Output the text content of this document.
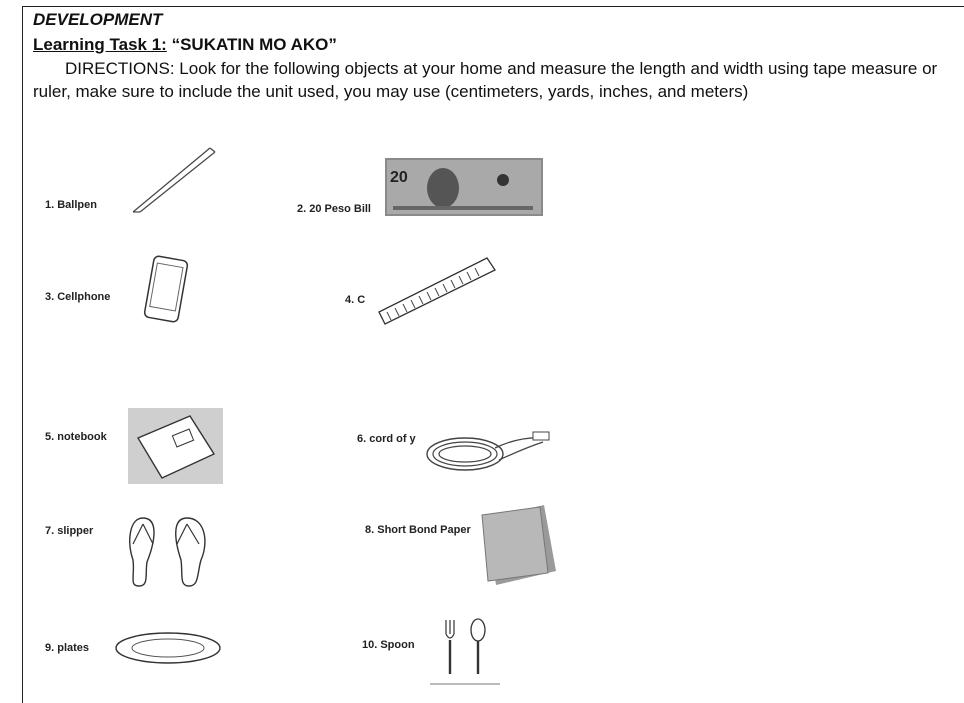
DEVELOPMENT
Learning Task 1: “SUKATIN MO AKO”
DIRECTIONS: Look for the following objects at your home and measure the length and width using tape measure or ruler, make sure to include the unit used, you may use (centimeters, yards, inches, and meters)
1. Ballpen	2. 20 Peso Bill
20
3. Cellphone	4. C
5. notebook	6. cord of y
7. slipper	8. Short Bond Paper
9. plates	10. Spoon
